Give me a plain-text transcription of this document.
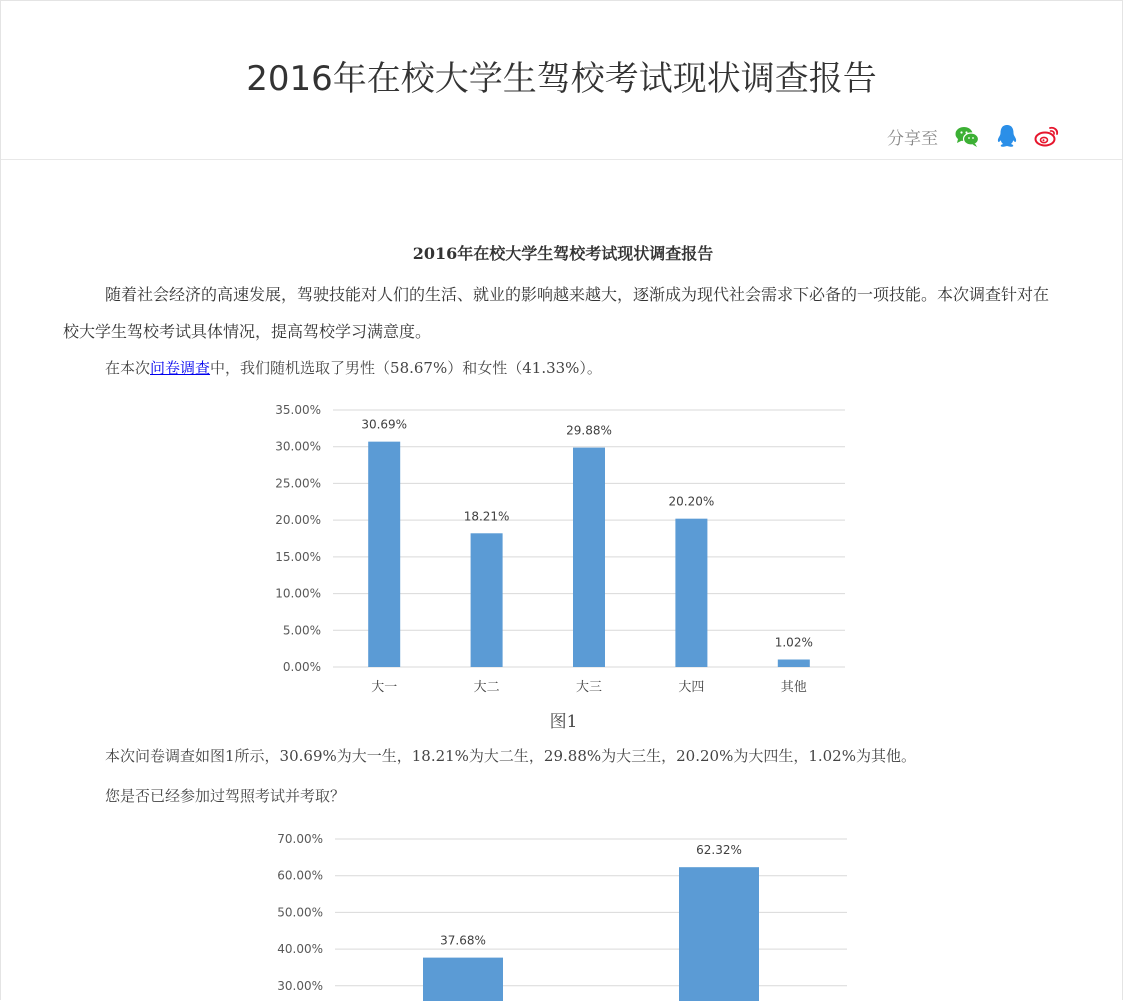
2016年在校大学生驾校考试现状调查报告
分享至

2016年在校大学生驾校考试现状调查报告

随着社会经济的高速发展，驾驶技能对人们的生活、就业的影响越来越大，逐渐成为现代社会需求下必备的一项技能。本次调查针对在校大学生驾校考试具体情况，提高驾校学习满意度。

在本次问卷调查中，我们随机选取了男性（58.67%）和女性（41.33%）。

0.00%
5.00%
10.00%
15.00%
20.00%
25.00%
30.00%
35.00%
30.69%
大一
18.21%
大二
29.88%
大三
20.20%
大四
1.02%
其他
图1
本次问卷调查如图1所示，30.69%为大一生，18.21%为大二生，29.88%为大三生，20.20%为大四生，1.02%为其他。
您是否已经参加过驾照考试并考取？
30.00%
40.00%
50.00%
60.00%
70.00%
37.68%
62.32%
